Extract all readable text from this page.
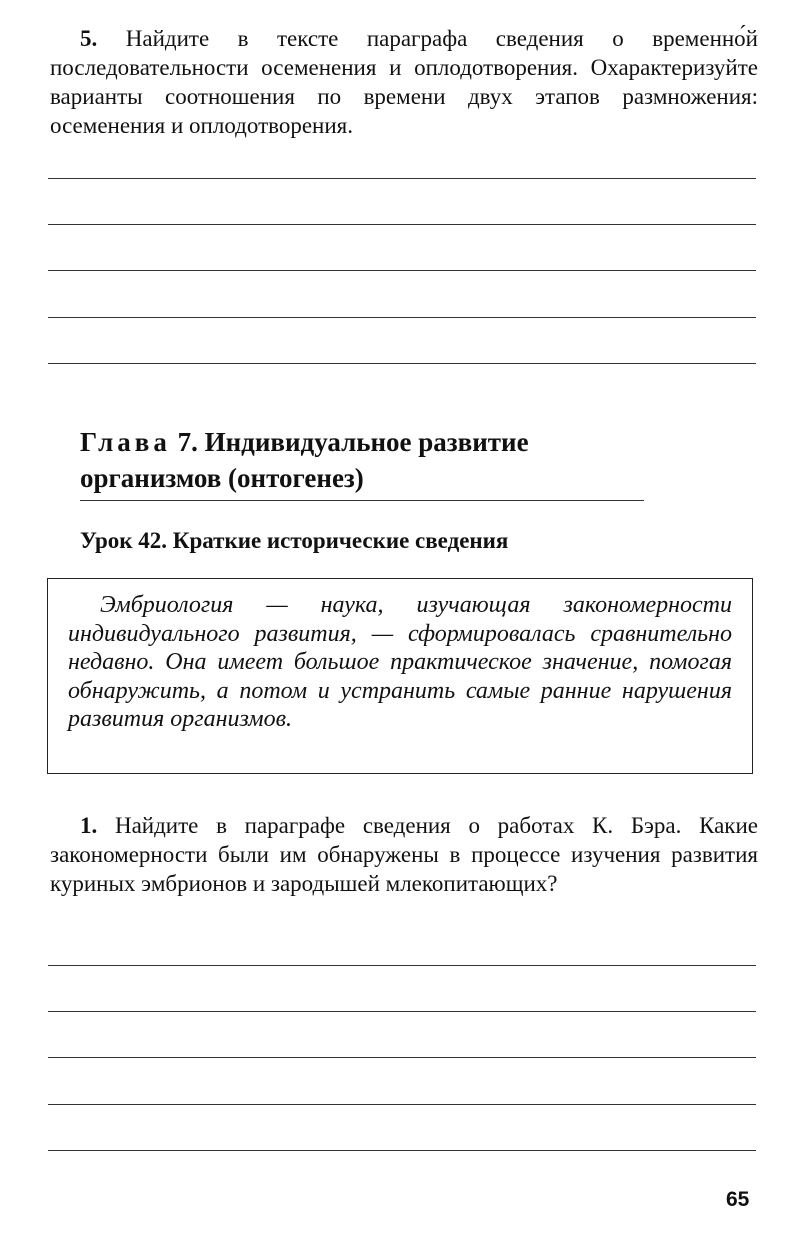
5. Найдите в тексте параграфа сведения о временно́й последовательности осеменения и оплодотворения. Охарактеризуйте варианты соотношения по времени двух этапов размножения: осеменения и оплодотворения.
Глава 7. Индивидуальное развитие организмов (онтогенез)
Урок 42. Краткие исторические сведения
Эмбриология — наука, изучающая закономерности индивидуального развития, — сформировалась сравнительно недавно. Она имеет большое практическое значение, помогая обнаружить, а потом и устранить самые ранние нарушения развития организмов.
1. Найдите в параграфе сведения о работах К. Бэра. Какие закономерности были им обнаружены в процессе изучения развития куриных эмбрионов и зародышей млекопитающих?
65
